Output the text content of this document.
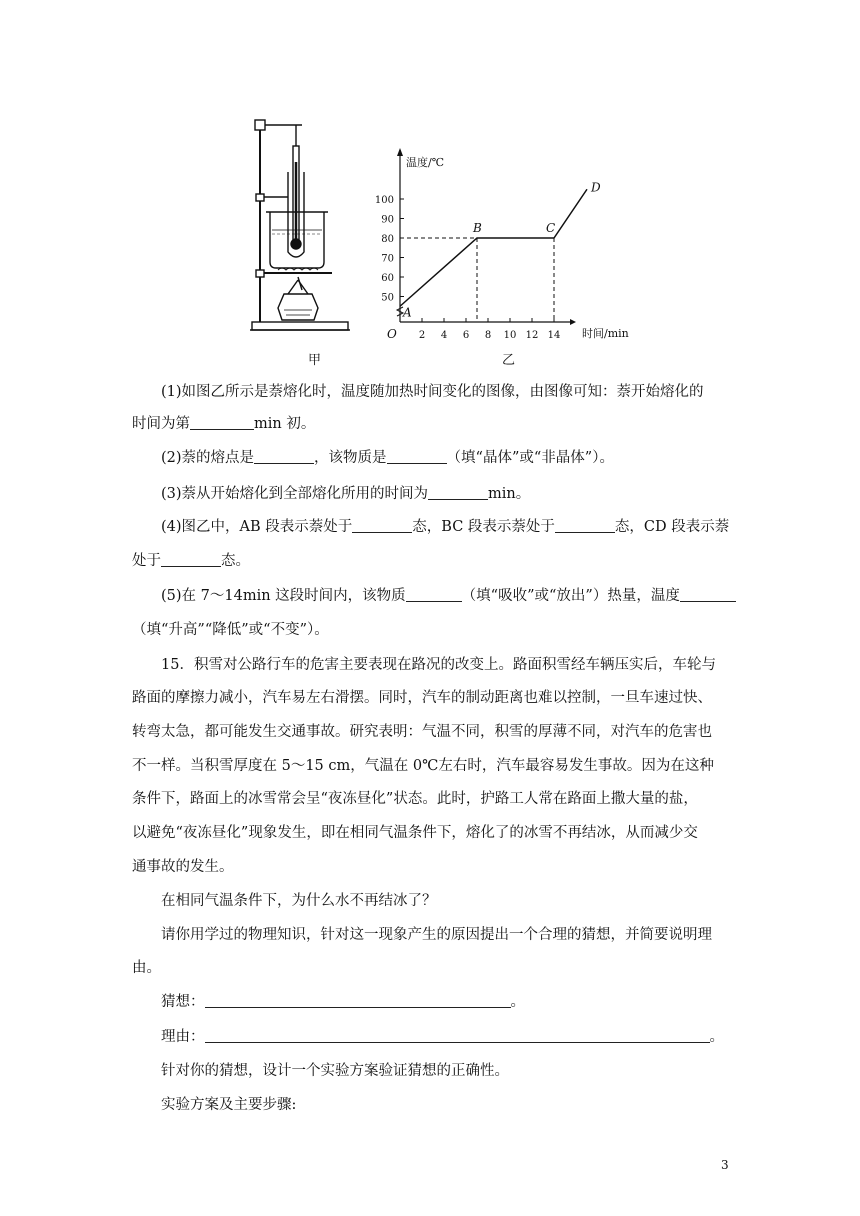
温度/℃
时间/min
O
50
60
70
80
90
100
2 4 6 8 10 12 14
A
B	C
D
甲	乙
(1)如图乙所示是萘熔化时，温度随加热时间变化的图像，由图像可知：萘开始熔化的
时间为第	min 初。
(2)萘的熔点是	，该物质是	（填“晶体”或“非晶体”）。
(3)萘从开始熔化到全部熔化所用的时间为	min。
(4)图乙中，AB 段表示萘处于	态，BC 段表示萘处于	态，CD 段表示萘
处于	态。
(5)在 7～14min 这段时间内，该物质	（填“吸收”或“放出”）热量，温度
（填“升高”“降低”或“不变”）。
15．积雪对公路行车的危害主要表现在路况的改变上。路面积雪经车辆压实后，车轮与
路面的摩擦力减小，汽车易左右滑摆。同时，汽车的制动距离也难以控制，一旦车速过快、
转弯太急，都可能发生交通事故。研究表明：气温不同，积雪的厚薄不同，对汽车的危害也
不一样。当积雪厚度在 5～15 cm，气温在 0℃左右时，汽车最容易发生事故。因为在这种
条件下，路面上的冰雪常会呈“夜冻昼化”状态。此时，护路工人常在路面上撒大量的盐，
以避免“夜冻昼化”现象发生，即在相同气温条件下，熔化了的冰雪不再结冰，从而减少交
通事故的发生。
在相同气温条件下，为什么水不再结冰了？
请你用学过的物理知识，针对这一现象产生的原因提出一个合理的猜想，并简要说明理
由。
猜想：	。
理由：	。
针对你的猜想，设计一个实验方案验证猜想的正确性。
实验方案及主要步骤:
3
